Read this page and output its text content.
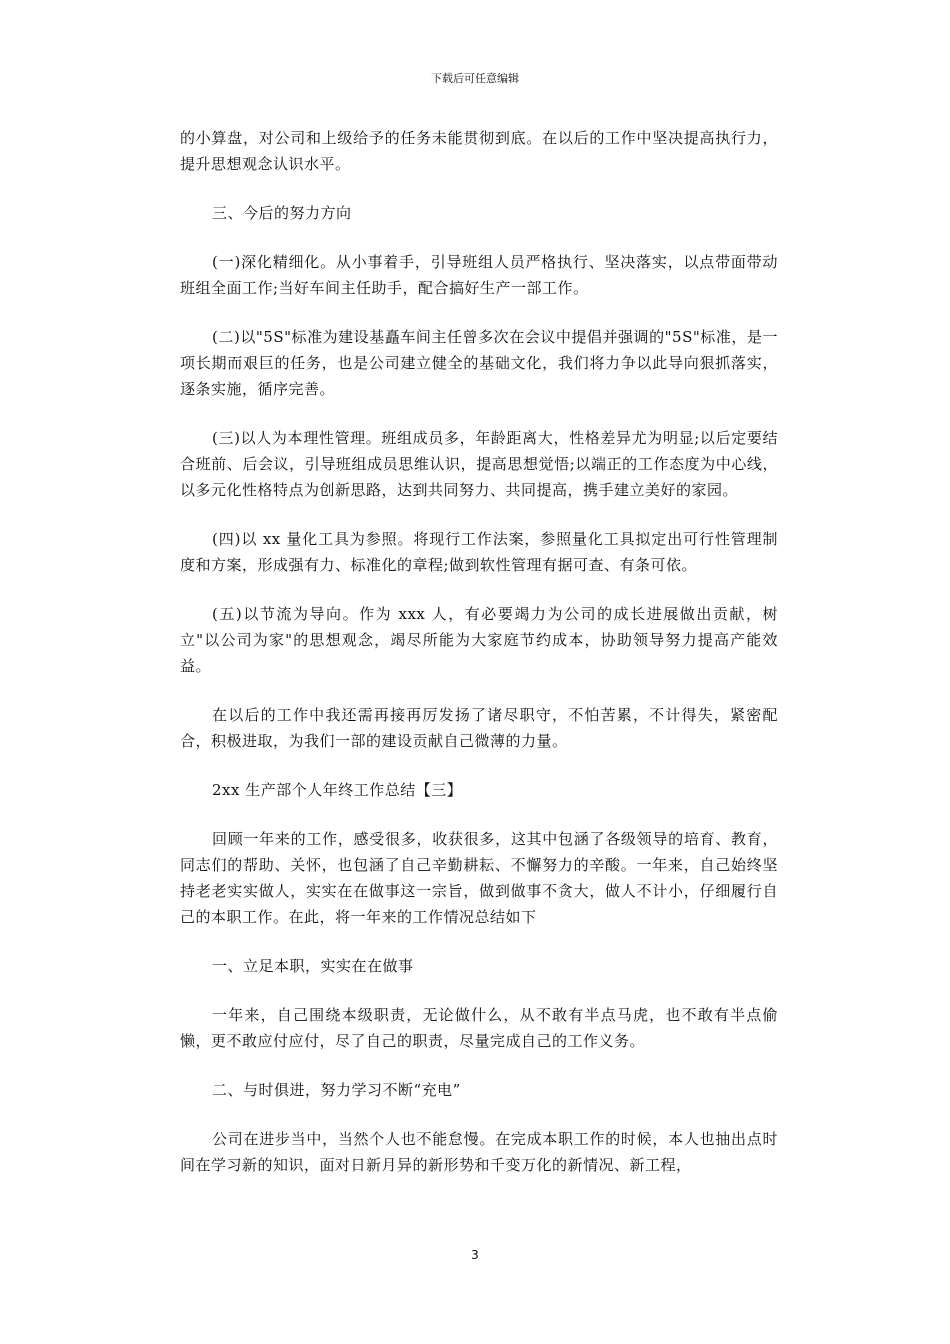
下载后可任意编辑

的小算盘，对公司和上级给予的任务未能贯彻到底。在以后的工作中坚决提高执行力，提升思想观念认识水平。

三、今后的努力方向

(一)深化精细化。从小事着手，引导班组人员严格执行、坚决落实，以点带面带动班组全面工作;当好车间主任助手，配合搞好生产一部工作。

(二)以"5S"标准为建设基矗车间主任曾多次在会议中提倡并强调的"5S"标准，是一项长期而艰巨的任务，也是公司建立健全的基础文化，我们将力争以此导向狠抓落实，逐条实施，循序完善。

(三)以人为本理性管理。班组成员多，年龄距离大，性格差异尤为明显;以后定要结合班前、后会议，引导班组成员思维认识，提高思想觉悟;以端正的工作态度为中心线，以多元化性格特点为创新思路，达到共同努力、共同提高，携手建立美好的家园。

(四)以 xx 量化工具为参照。将现行工作法案，参照量化工具拟定出可行性管理制度和方案，形成强有力、标准化的章程;做到软性管理有据可查、有条可依。

(五)以节流为导向。作为 xxx 人，有必要竭力为公司的成长进展做出贡献，树立"以公司为家"的思想观念，竭尽所能为大家庭节约成本，协助领导努力提高产能效益。

在以后的工作中我还需再接再厉发扬了诸尽职守，不怕苦累，不计得失，紧密配合，积极进取，为我们一部的建设贡献自己微薄的力量。

2xx 生产部个人年终工作总结【三】

回顾一年来的工作，感受很多，收获很多，这其中包涵了各级领导的培育、教育，同志们的帮助、关怀，也包涵了自己辛勤耕耘、不懈努力的辛酸。一年来，自己始终坚持老老实实做人，实实在在做事这一宗旨，做到做事不贪大，做人不计小，仔细履行自己的本职工作。在此，将一年来的工作情况总结如下

一、立足本职，实实在在做事

一年来，自己围绕本级职责，无论做什么，从不敢有半点马虎，也不敢有半点偷懒，更不敢应付应付，尽了自己的职责，尽量完成自己的工作义务。

二、与时俱进，努力学习不断“充电”

公司在进步当中，当然个人也不能怠慢。在完成本职工作的时候，本人也抽出点时间在学习新的知识，面对日新月异的新形势和千变万化的新情况、新工程，

3
